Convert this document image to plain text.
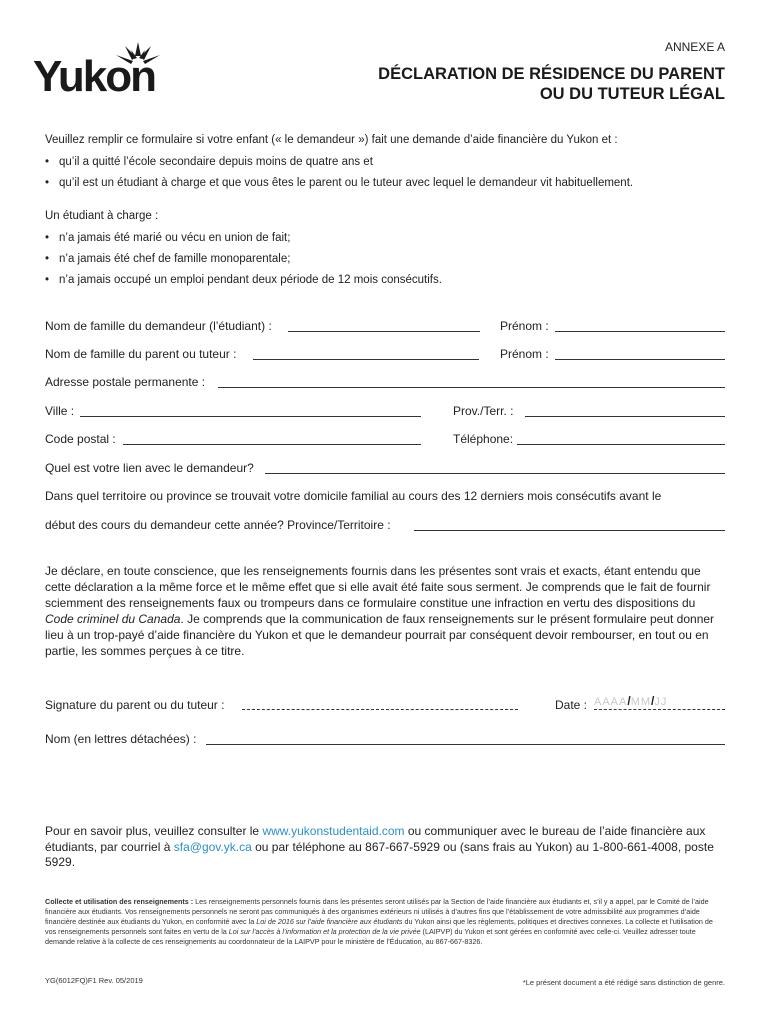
Yukon
ANNEXE A
DÉCLARATION DE RÉSIDENCE DU PARENT
OU DU TUTEUR LÉGAL
Veuillez remplir ce formulaire si votre enfant (« le demandeur ») fait une demande d’aide financière du Yukon et :
• qu’il a quitté l’école secondaire depuis moins de quatre ans et
• qu’il est un étudiant à charge et que vous êtes le parent ou le tuteur avec lequel le demandeur vit habituellement.
Un étudiant à charge :
• n’a jamais été marié ou vécu en union de fait;
• n’a jamais été chef de famille monoparentale;
• n’a jamais occupé un emploi pendant deux période de 12 mois consécutifs.
Nom de famille du demandeur (l’étudiant) :	Prénom :
Nom de famille du parent ou tuteur :	Prénom :
Adresse postale permanente :
Ville :	Prov./Terr. :
Code postal :	Téléphone:
Quel est votre lien avec le demandeur?
Dans quel territoire ou province se trouvait votre domicile familial au cours des 12 derniers mois consécutifs avant le
début des cours du demandeur cette année? Province/Territoire :
Je déclare, en toute conscience, que les renseignements fournis dans les présentes sont vrais et exacts, étant entendu que cette déclaration a la même force et le même effet que si elle avait été faite sous serment. Je comprends que le fait de fournir sciemment des renseignements faux ou trompeurs dans ce formulaire constitue une infraction en vertu des dispositions du Code criminel du Canada. Je comprends que la communication de faux renseignements sur le présent formulaire peut donner lieu à un trop-payé d’aide financière du Yukon et que le demandeur pourrait par conséquent devoir rembourser, en tout ou en partie, les sommes perçues à ce titre.
Signature du parent ou du tuteur :	Date : AAAA/MM/JJ
Nom (en lettres détachées) :
Pour en savoir plus, veuillez consulter le www.yukonstudentaid.com ou communiquer avec le bureau de l’aide financière aux étudiants, par courriel à sfa@gov.yk.ca ou par téléphone au 867-667-5929 ou (sans frais au Yukon) au 1-800-661-4008, poste 5929.
Collecte et utilisation des renseignements : Les renseignements personnels fournis dans les présentes seront utilisés par la Section de l’aide financière aux étudiants et, s’il y a appel, par le Comité de l’aide financière aux étudiants. Vos renseignements personnels ne seront pas communiqués à des organismes extérieurs ni utilisés à d’autres fins que l’établissement de votre admissibilité aux programmes d’aide financière destinée aux étudiants du Yukon, en conformité avec la Loi de 2016 sur l’aide financière aux étudiants du Yukon ainsi que les règlements, politiques et directives connexes. La collecte et l’utilisation de vos renseignements personnels sont faites en vertu de la Loi sur l’accès à l’information et la protection de la vie privée (LAIPVP) du Yukon et sont gérées en conformité avec celle-ci. Veuillez adresser toute demande relative à la collecte de ces renseignements au coordonnateur de la LAIPVP pour le ministère de l’Éducation, au 867-667-8326.
YG(6012FQ)F1 Rev. 05/2019	*Le présent document a été rédigé sans distinction de genre.
